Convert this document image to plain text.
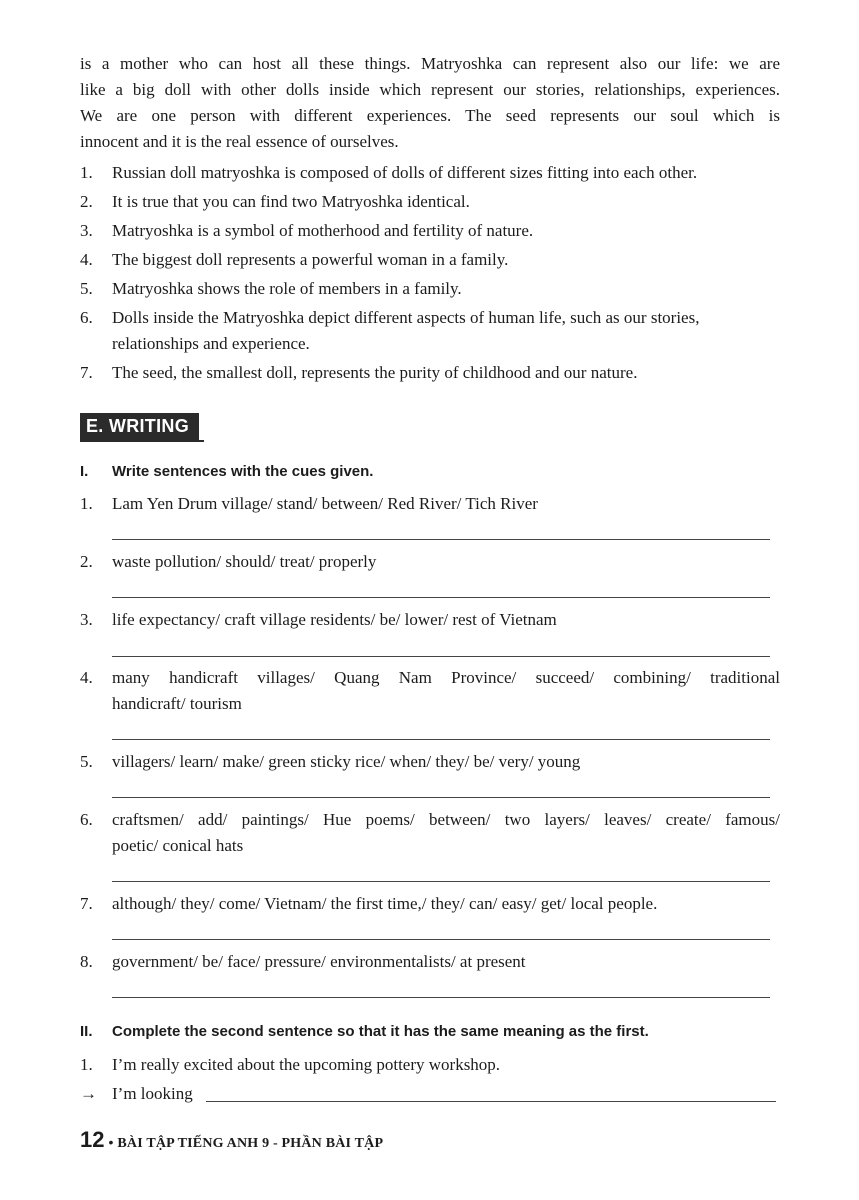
is a mother who can host all these things. Matryoshka can represent also our life: we are
like a big doll with other dolls inside which represent our stories, relationships, experiences.
We are one person with different experiences. The seed represents our soul which is
innocent and it is the real essence of ourselves.
1.	Russian doll matryoshka is composed of dolls of different sizes fitting into each other.
2.	It is true that you can find two Matryoshka identical.
3.	Matryoshka is a symbol of motherhood and fertility of nature.
4.	The biggest doll represents a powerful woman in a family.
5.	Matryoshka shows the role of members in a family.
6.	Dolls inside the Matryoshka depict different aspects of human life, such as our stories,
relationships and experience.
7.	The seed, the smallest doll, represents the purity of childhood and our nature.
E. WRITING
I.	Write sentences with the cues given.
1.	Lam Yen Drum village/ stand/ between/ Red River/ Tich River
2.	waste pollution/ should/ treat/ properly
3.	life expectancy/ craft village residents/ be/ lower/ rest of Vietnam
4.	many handicraft villages/ Quang Nam Province/ succeed/ combining/ traditional
handicraft/ tourism
5.	villagers/ learn/ make/ green sticky rice/ when/ they/ be/ very/ young
6.	craftsmen/ add/ paintings/ Hue poems/ between/ two layers/ leaves/ create/ famous/
poetic/ conical hats
7.	although/ they/ come/ Vietnam/ the first time,/ they/ can/ easy/ get/ local people.
8.	government/ be/ face/ pressure/ environmentalists/ at present
II.	Complete the second sentence so that it has the same meaning as the first.
1.	I’m really excited about the upcoming pottery workshop.
→ I’m looking
12 • BÀI TẬP TIẾNG ANH 9 - PHẦN BÀI TẬP
